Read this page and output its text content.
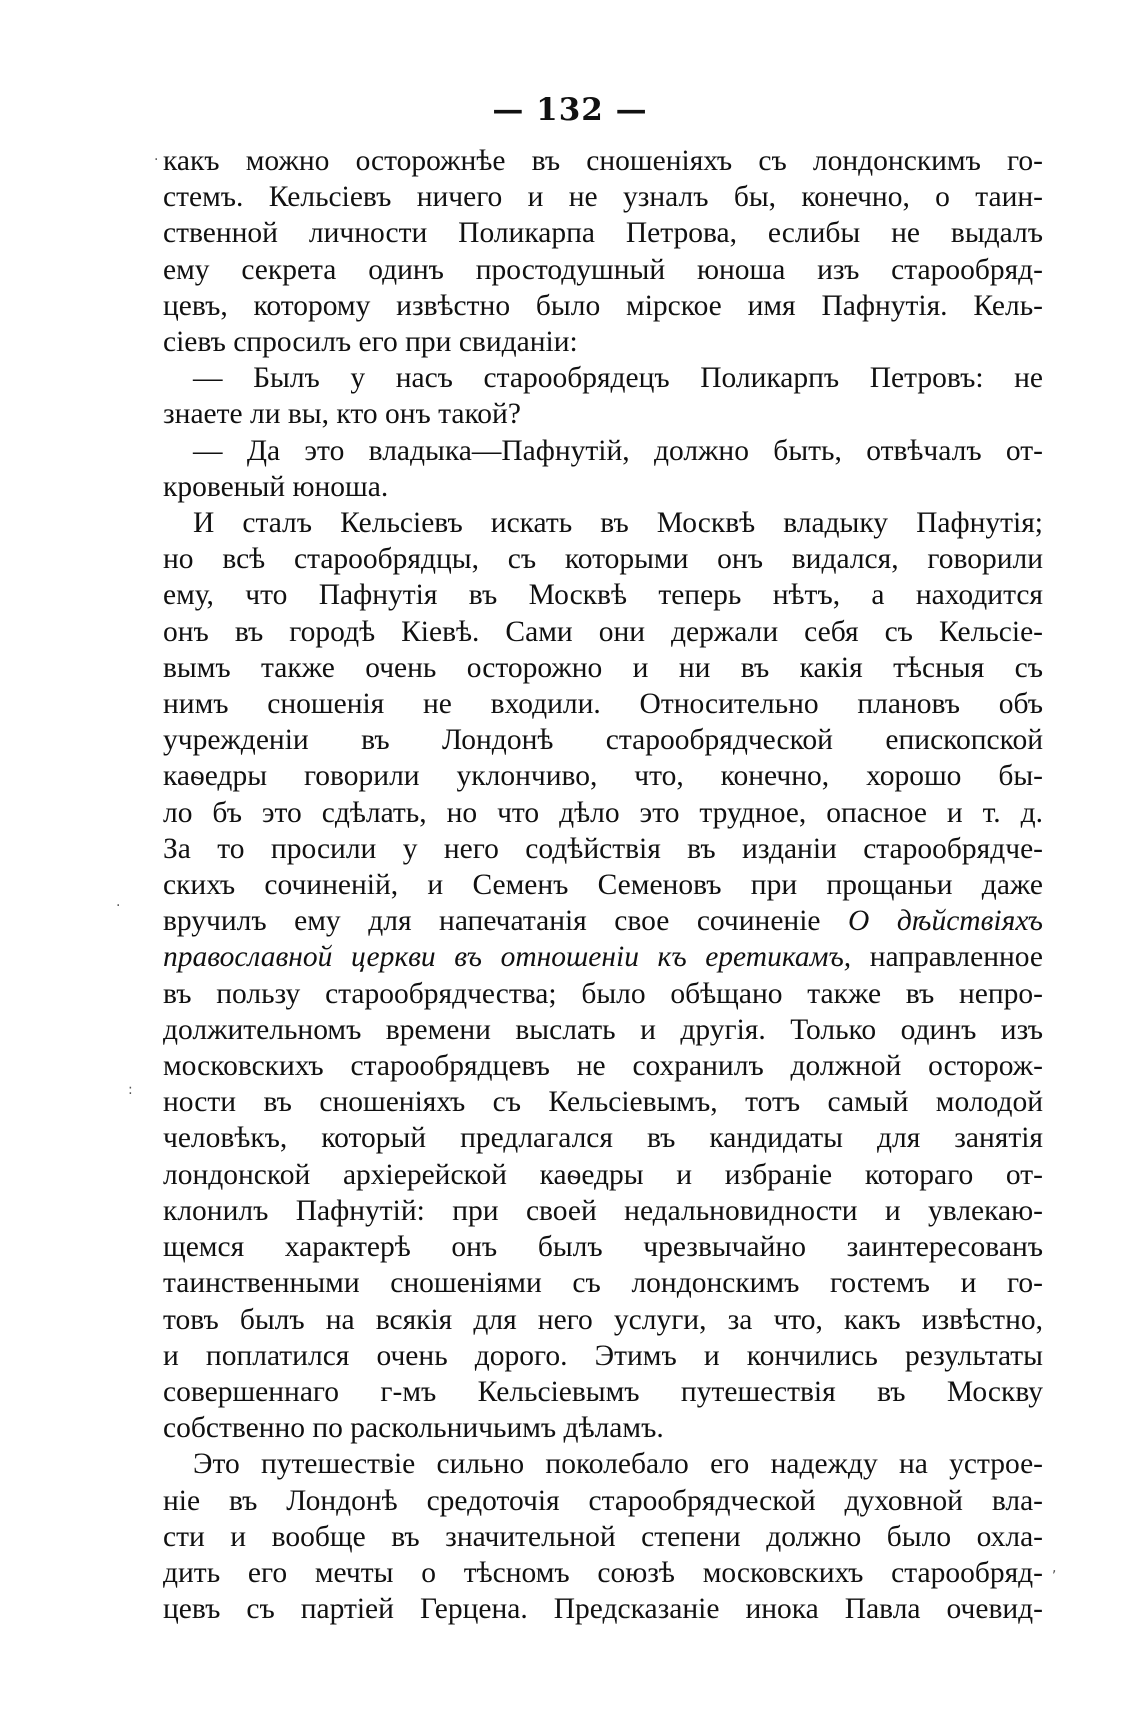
— 132 —
какъ можно осторожнѣе въ сношеніяхъ съ лондонскимъ го-
стемъ. Кельсіевъ ничего и не узналъ бы, конечно, о таин-
ственной личности Поликарпа Петрова, еслибы не выдалъ
ему секрета одинъ простодушный юноша изъ старообряд-
цевъ, которому извѣстно было мірское имя Пафнутія. Кель-
сіевъ спросилъ его при свиданіи:
— Былъ у насъ старообрядецъ Поликарпъ Петровъ: не
знаете ли вы, кто онъ такой?
— Да это владыка—Пафнутій, должно быть, отвѣчалъ от-
кровеный юноша.
И сталъ Кельсіевъ искать въ Москвѣ владыку Пафнутія;
но всѣ старообрядцы, съ которыми онъ видался, говорили
ему, что Пафнутія въ Москвѣ теперь нѣтъ, а находится
онъ въ городѣ Кіевѣ. Сами они держали себя съ Кельсіе-
вымъ также очень осторожно и ни въ какія тѣсныя съ
нимъ сношенія не входили. Относительно плановъ объ
учрежденіи въ Лондонѣ старообрядческой епископской
каѳедры говорили уклончиво, что, конечно, хорошо бы-
ло бъ это сдѣлать, но что дѣло это трудное, опасное и т. д.
За то просили у него содѣйствія въ изданіи старообрядче-
скихъ сочиненій, и Семенъ Семеновъ при прощаньи даже
вручилъ ему для напечатанія свое сочиненіе О дѣйствіяхъ
православной церкви въ отношеніи къ еретикамъ, направленное
въ пользу старообрядчества; было обѣщано также въ непро-
должительномъ времени выслать и другія. Только одинъ изъ
московскихъ старообрядцевъ не сохранилъ должной осторож-
ности въ сношеніяхъ съ Кельсіевымъ, тотъ самый молодой
человѣкъ, который предлагался въ кандидаты для занятія
лондонской архіерейской каѳедры и избраніе котораго от-
клонилъ Пафнутій: при своей недальновидности и увлекаю-
щемся характерѣ онъ былъ чрезвычайно заинтересованъ
таинственными сношеніями съ лондонскимъ гостемъ и го-
товъ былъ на всякія для него услуги, за что, какъ извѣстно,
и поплатился очень дорого. Этимъ и кончились результаты
совершеннаго г-мъ Кельсіевымъ путешествія въ Москву
собственно по раскольничьимъ дѣламъ.
Это путешествіе сильно поколебало его надежду на устрое-
ніе въ Лондонѣ средоточія старообрядческой духовной вла-
сти и вообще въ значительной степени должно было охла-
дить его мечты о тѣсномъ союзѣ московскихъ старообряд-
цевъ съ партіей Герцена. Предсказаніе инока Павла очевид-
·
·
:
,
